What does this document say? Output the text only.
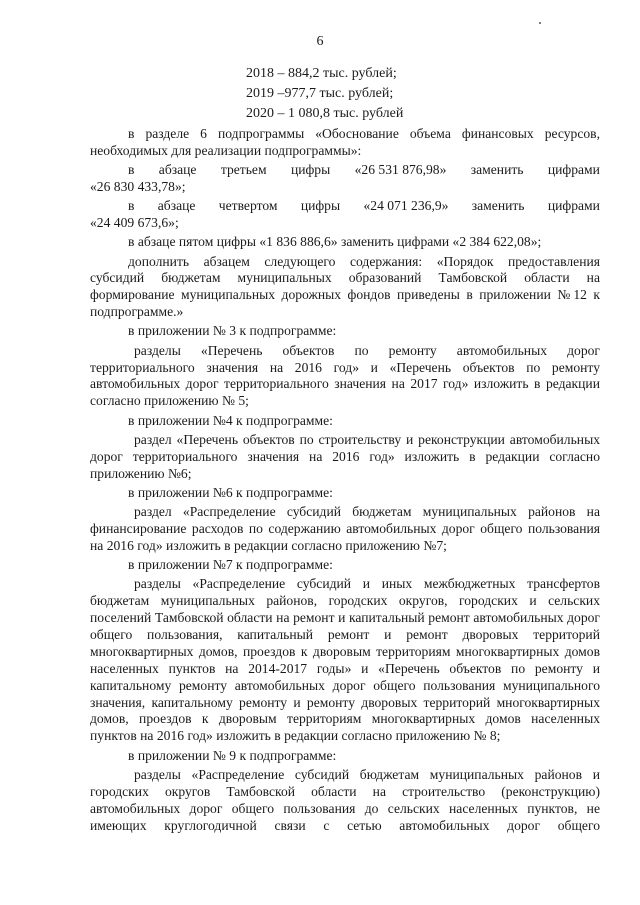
6
2018 – 884,2 тыс. рублей;
2019 –977,7 тыс. рублей;
2020 – 1 080,8 тыс. рублей

в разделе 6 подпрограммы «Обоснование объема финансовых ресурсов, необходимых для реализации подпрограммы»:

в абзаце третьем цифры «26 531 876,98» заменить цифрами
«26 830 433,78»;
в абзаце четвертом цифры «24 071 236,9» заменить цифрами
«24 409 673,6»;

в абзаце пятом цифры «1 836 886,6» заменить цифрами «2 384 622,08»;

дополнить абзацем следующего содержания: «Порядок предоставления субсидий бюджетам муниципальных образований Тамбовской области на формирование муниципальных дорожных фондов приведены в приложении №12 к подпрограмме.»

в приложении № 3 к подпрограмме:

разделы «Перечень объектов по ремонту автомобильных дорог территориального значения на 2016 год» и «Перечень объектов по ремонту автомобильных дорог территориального значения на 2017 год» изложить в редакции согласно приложению № 5;

в приложении №4 к подпрограмме:

раздел «Перечень объектов по строительству и реконструкции автомобильных дорог территориального значения на 2016 год» изложить в редакции согласно приложению №6;

в приложении №6 к подпрограмме:

раздел «Распределение субсидий бюджетам муниципальных районов на финансирование расходов по содержанию автомобильных дорог общего пользования на 2016 год» изложить в редакции согласно приложению №7;

в приложении №7 к подпрограмме:

разделы «Распределение субсидий и иных межбюджетных трансфертов бюджетам муниципальных районов, городских округов, городских и сельских поселений Тамбовской области на ремонт и капитальный ремонт автомобильных дорог общего пользования, капитальный ремонт и ремонт дворовых территорий многоквартирных домов, проездов к дворовым территориям многоквартирных домов населенных пунктов на 2014-2017 годы» и «Перечень объектов по ремонту и капитальному ремонту автомобильных дорог общего пользования муниципального значения, капитальному ремонту и ремонту дворовых территорий многоквартирных домов, проездов к дворовым территориям многоквартирных домов населенных пунктов на 2016 год» изложить в редакции согласно приложению № 8;

в приложении № 9 к подпрограмме:

разделы «Распределение субсидий бюджетам муниципальных районов и городских округов Тамбовской области на строительство (реконструкцию) автомобильных дорог общего пользования до сельских населенных пунктов, не имеющих круглогодичной связи с сетью автомобильных дорог общего
